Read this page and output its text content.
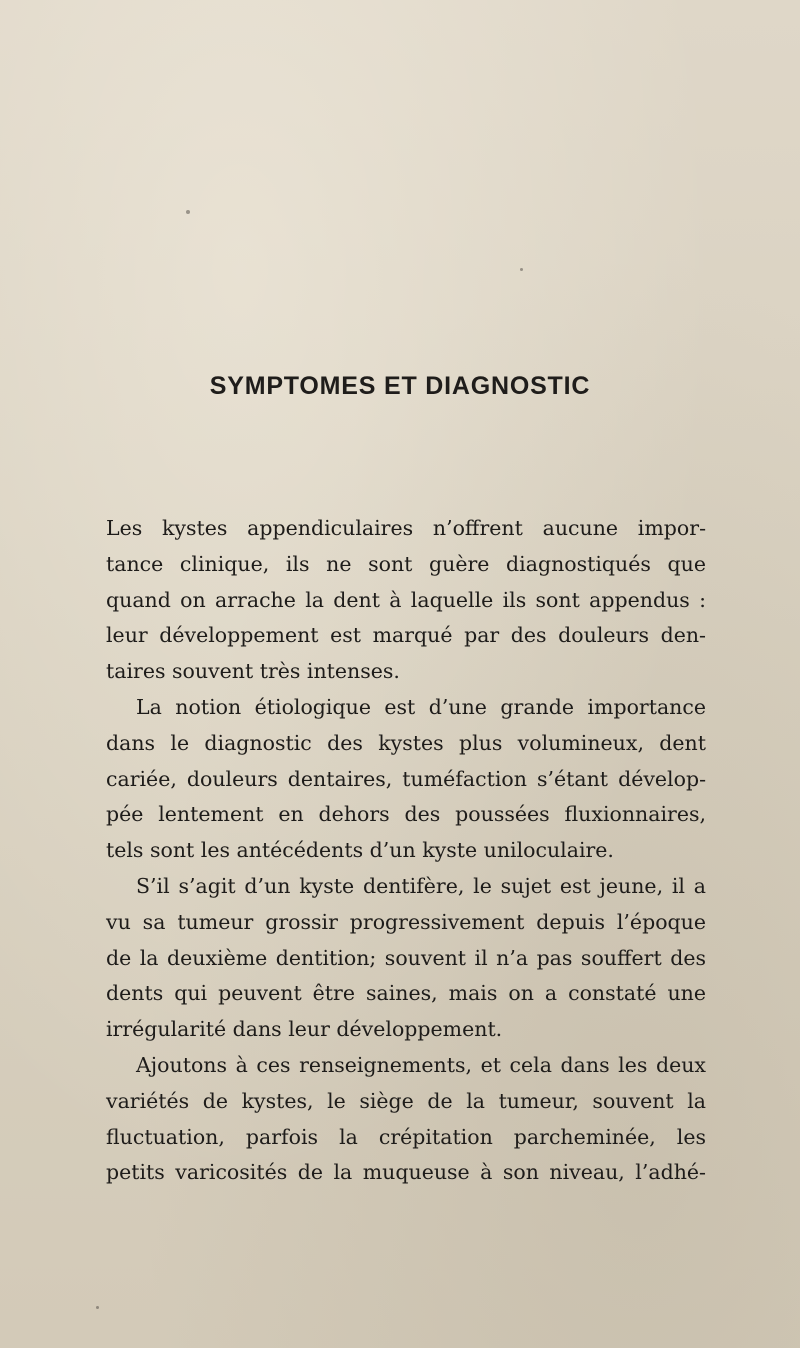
SYMPTOMES ET DIAGNOSTIC
Les kystes appendiculaires n’offrent aucune impor-
tance clinique, ils ne sont guère diagnostiqués que
quand on arrache la dent à laquelle ils sont appendus :
leur développement est marqué par des douleurs den-
taires souvent très intenses.
La notion étiologique est d’une grande importance
dans le diagnostic des kystes plus volumineux, dent
cariée, douleurs dentaires, tuméfaction s’étant dévelop-
pée lentement en dehors des poussées fluxionnaires,
tels sont les antécédents d’un kyste uniloculaire.
S’il s’agit d’un kyste dentifère, le sujet est jeune, il a
vu sa tumeur grossir progressivement depuis l’époque
de la deuxième dentition; souvent il n’a pas souffert des
dents qui peuvent être saines, mais on a constaté une
irrégularité dans leur développement.
Ajoutons à ces renseignements, et cela dans les deux
variétés de kystes, le siège de la tumeur, souvent la
fluctuation, parfois la crépitation parcheminée, les
petits varicosités de la muqueuse à son niveau, l’adhé-
